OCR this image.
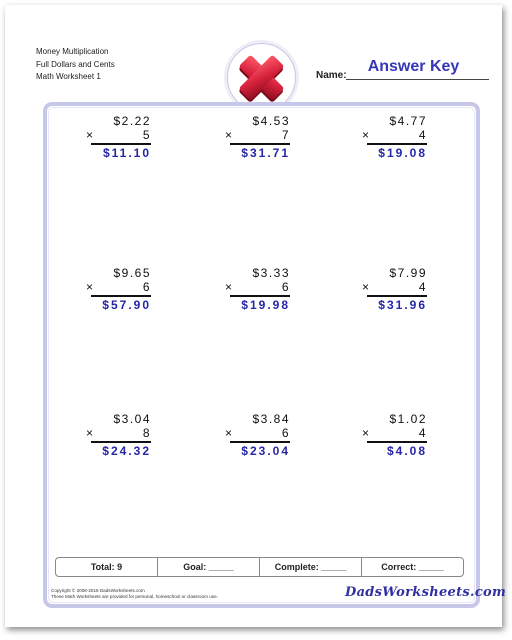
Money Multiplication
Full Dollars and Cents
Math Worksheet 1	Name:
Answer Key
$2.22
×	5
$11.10
$4.53
×	7
$31.71
$4.77
×	4
$19.08
$9.65
×	6
$57.90
$3.33
×	6
$19.98
$7.99
×	4
$31.96
$3.04
×	8
$24.32
$3.84
×	6
$23.04
$1.02
×	4
$4.08
Total: 9	Goal: _____	Complete: _____	Correct: _____
Copyright © 2008-2018 DadsWorksheets.com
These Math Worksheets are provided for personal, homeschool or classroom use.	DadsWorksheets.com
